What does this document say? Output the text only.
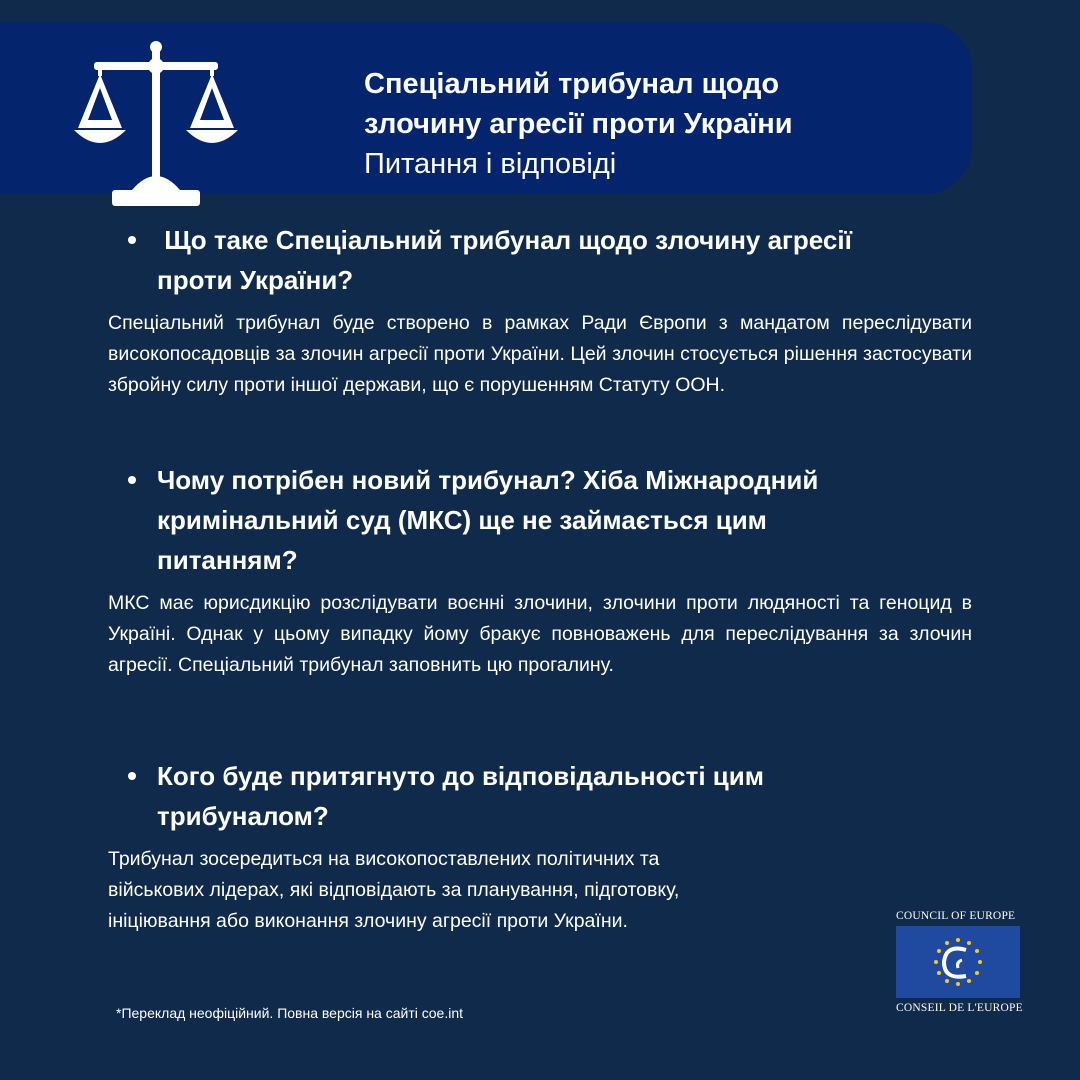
Спеціальний трибунал щодо
злочину агресії проти України
Питання і відповіді
Що таке Спеціальний трибунал щодо злочину агресії
проти України?

Спеціальний трибунал буде створено в рамках Ради Європи з мандатом переслідувати високопосадовців за злочин агресії проти України. Цей злочин стосується рішення застосувати збройну силу проти іншої держави, що є порушенням Статуту ООН.

Чому потрібен новий трибунал? Хіба Міжнародний
кримінальний суд (МКС) ще не займається цим
питанням?

МКС має юрисдикцію розслідувати воєнні злочини, злочини проти людяності та геноцид в Україні. Однак у цьому випадку йому бракує повноважень для переслідування за злочин агресії. Спеціальний трибунал заповнить цю прогалину.

Кого буде притягнуто до відповідальності цим
трибуналом?
Трибунал зосередиться на високопоставлених політичних та
військових лідерах, які відповідають за планування, підготовку,
ініціювання або виконання злочину агресії проти України.
*Переклад неофіційний. Повна версія на сайті coe.int
COUNCIL OF EUROPE
CONSEIL DE L'EUROPE
